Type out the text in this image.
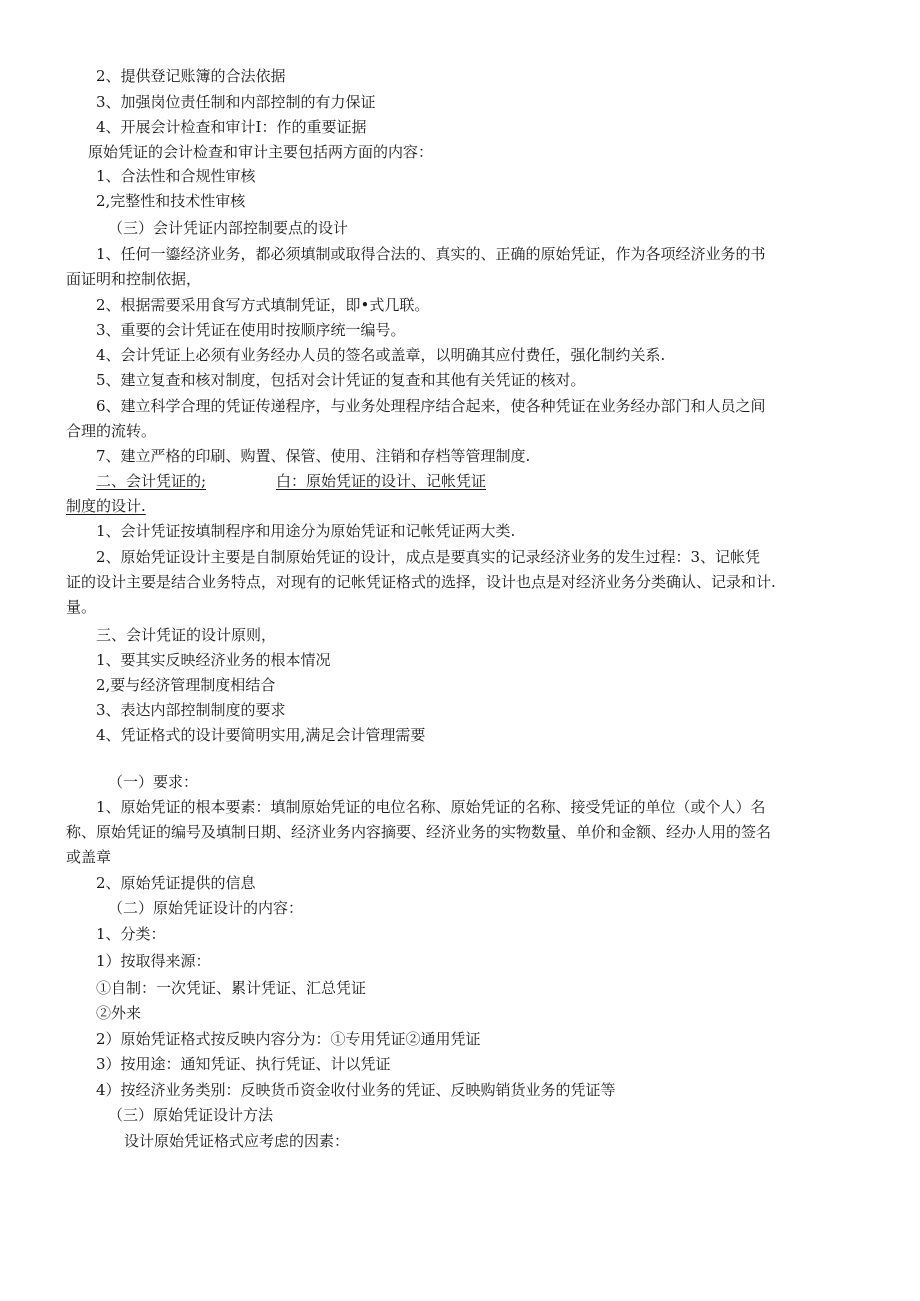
2、提供登记账簿的合法依据
3、加强岗位责任制和内部控制的有力保证
4、开展会计检查和审计I：作的重要证据
原始凭证的会计检查和审计主要包括两方面的内容：
1、合法性和合规性审核
2,完整性和技术性审核
（三）会计凭证内部控制要点的设计
1、任何一鎏经济业务，都必须填制或取得合法的、真实的、正确的原始凭证，作为各项经济业务的书
面证明和控制依据，
2、根据需要采用食写方式填制凭证，即•式几联。
3、重要的会计凭证在使用时按顺序统一编号。
4、会计凭证上必须有业务经办人员的签名或盖章，以明确其应付费任，强化制约关系.
5、建立复查和核对制度，包括对会计凭证的复查和其他有关凭证的核对。
6、建立科学合理的凭证传递程序，与业务处理程序结合起来，使各种凭证在业务经办部门和人员之间
合理的流转。
7、建立严格的印刷、购置、保管、使用、注销和存档等管理制度.
二、会计凭证的;	白：原始凭证的设计、记帐凭证
制度的设计.
1、会计凭证按填制程序和用途分为原始凭证和记帐凭证两大类.
2、原始凭证设计主要是自制原始凭证的设计，成点是要真实的记录经济业务的发生过程：3、记帐凭
证的设计主要是结合业务特点，对现有的记帐凭证格式的选择，设计也点是对经济业务分类确认、记录和计.
量。
三、会计凭证的设计原则，
1、要其实反映经济业务的根本情况
2,要与经济管理制度相结合
3、表达内部控制制度的要求
4、凭证格式的设计要简明实用,满足会计管理需要
（一）要求：
1、原始凭证的根本要素：填制原始凭证的电位名称、原始凭证的名称、接受凭证的单位（或个人）名
称、原始凭证的编号及填制日期、经济业务内容摘要、经济业务的实物数量、单价和金额、经办人用的签名
或盖章
2、原始凭证提供的信息
（二）原始凭证设计的内容：
1、分类：
1）按取得来源：
①自制：一次凭证、累计凭证、汇总凭证
②外来
2）原始凭证格式按反映内容分为：①专用凭证②通用凭证
3）按用途：通知凭证、执行凭证、计以凭证
4）按经济业务类别：反映货币资金收付业务的凭证、反映购销货业务的凭证等
（三）原始凭证设计方法
设计原始凭证格式应考虑的因素：
